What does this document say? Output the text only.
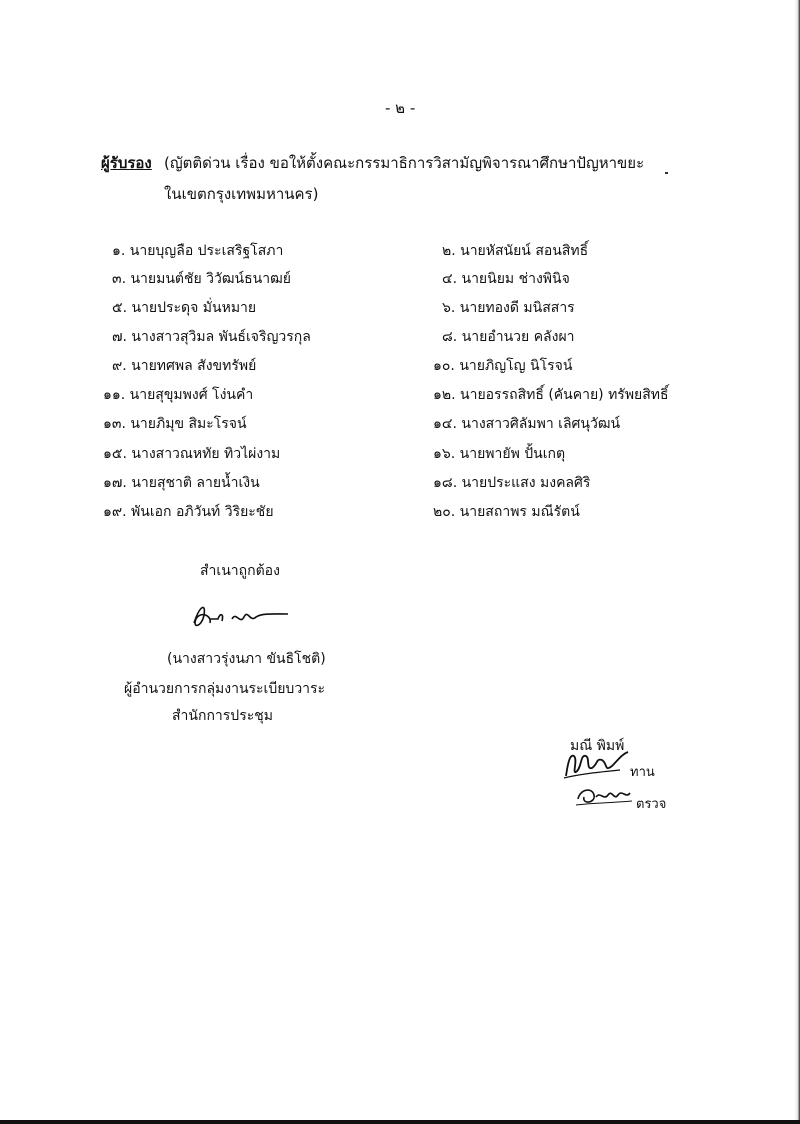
- ๒ -
ผู้รับรอง (ญัตติด่วน เรื่อง ขอให้ตั้งคณะกรรมาธิการวิสามัญพิจารณาศึกษาปัญหาขยะ
ในเขตกรุงเทพมหานคร)
๑. นายบุญลือ ประเสริฐโสภา	๒. นายหัสนัยน์ สอนสิทธิ์
๓. นายมนต์ชัย วิวัฒน์ธนาฒย์	๔. นายนิยม ช่างพินิจ
๕. นายประดุจ มั่นหมาย	๖. นายทองดี มนิสสาร
๗. นางสาวสุวิมล พันธ์เจริญวรกุล	๘. นายอำนวย คลังผา
๙. นายทศพล สังขทรัพย์	๑๐. นายภิญโญ นิโรจน์
๑๑. นายสุขุมพงศ์ โง่นคำ	๑๒. นายอรรถสิทธิ์ (คันคาย) ทรัพยสิทธิ์
๑๓. นายภิมุข สิมะโรจน์	๑๔. นางสาวศิลัมพา เลิศนุวัฒน์
๑๕. นางสาวณหทัย ทิวไผ่งาม	๑๖. นายพายัพ ปั้นเกตุ
๑๗. นายสุชาติ ลายน้ำเงิน	๑๘. นายประแสง มงคลศิริ
๑๙. พันเอก อภิวันท์ วิริยะชัย	๒๐. นายสถาพร มณีรัตน์
สำเนาถูกต้อง
(นางสาวรุ่งนภา ขันธิโชติ)
ผู้อำนวยการกลุ่มงานระเบียบวาระ
สำนักการประชุม
มณี พิมพ์
ทาน
ตรวจ
